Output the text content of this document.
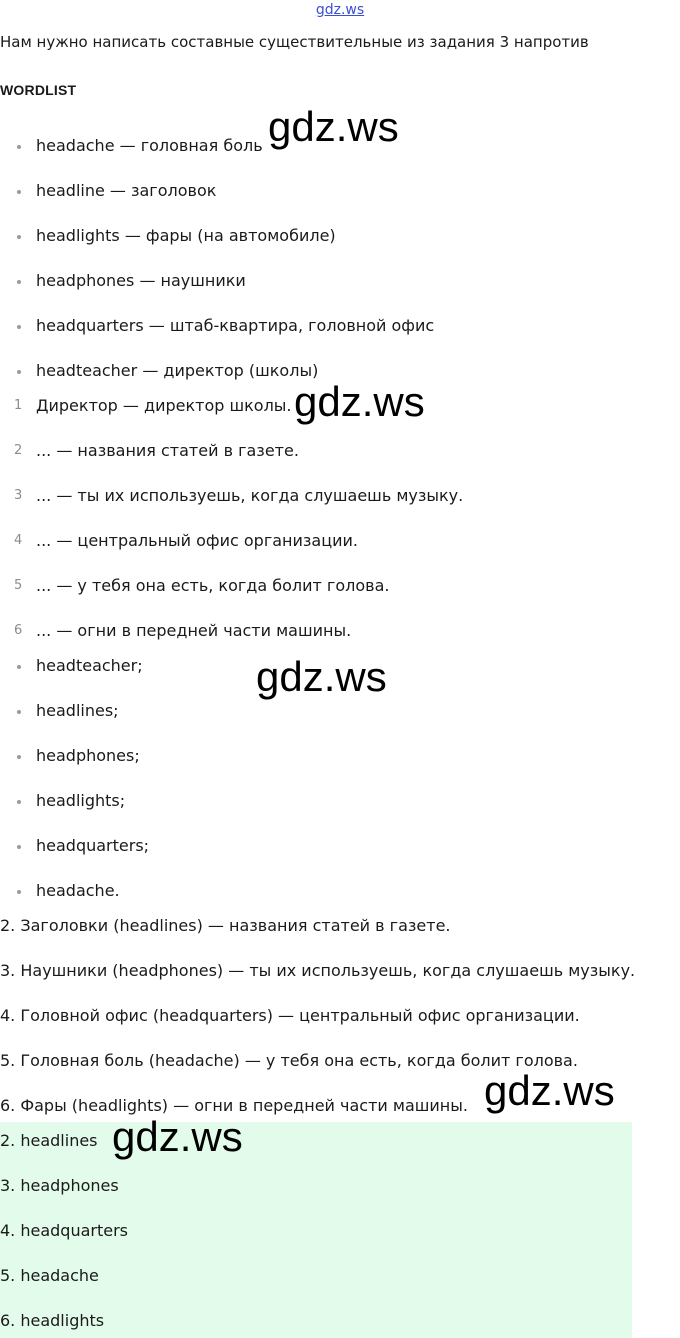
gdz.ws
Нам нужно написать составные существительные из задания 3 напротив
WORDLIST
headache — головная боль
headline — заголовок
headlights — фары (на автомобиле)
headphones — наушники
headquarters — штаб-квартира, головной офис
headteacher — директор (школы)
1 Директор — директор школы.
2 ... — названия статей в газете.
3 ... — ты их используешь, когда слушаешь музыку.
4 ... — центральный офис организации.
5 ... — у тебя она есть, когда болит голова.
6 ... — огни в передней части машины.
headteacher;
headlines;
headphones;
headlights;
headquarters;
headache.
2. Заголовки (headlines) — названия статей в газете.
3. Наушники (headphones) — ты их используешь, когда слушаешь музыку.
4. Головной офис (headquarters) — центральный офис организации.
5. Головная боль (headache) — у тебя она есть, когда болит голова.
6. Фары (headlights) — огни в передней части машины.
2. headlines
3. headphones
4. headquarters
5. headache
6. headlights
gdz.ws
gdz.ws
gdz.ws
gdz.ws
gdz.ws
